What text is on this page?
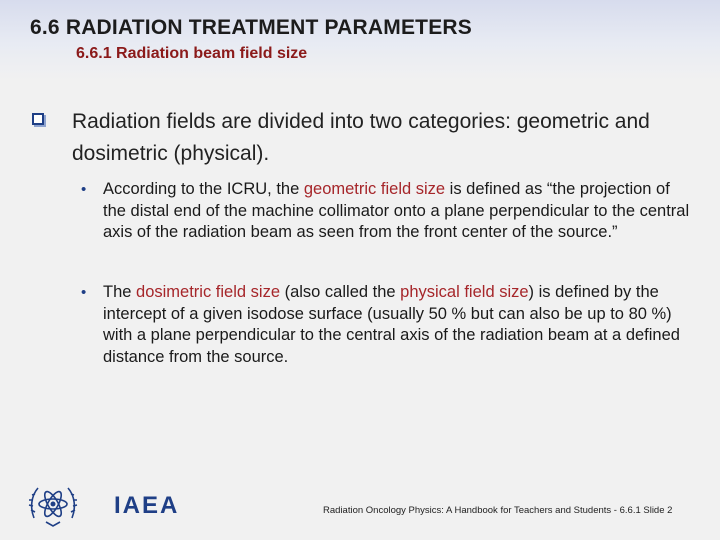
6.6 RADIATION TREATMENT PARAMETERS
6.6.1 Radiation beam field size
Radiation fields are divided into two categories: geometric and dosimetric (physical).
• According to the ICRU, the geometric field size is defined as “the projection of the distal end of the machine collimator onto a plane perpendicular to the central axis of the radiation beam as seen from the front center of the source.”
• The dosimetric field size (also called the physical field size) is defined by the intercept of a given isodose surface (usually 50 % but can also be up to 80 %) with a plane perpendicular to the central axis of the radiation beam at a defined distance from the source.
IAEA	Radiation Oncology Physics: A Handbook for Teachers and Students - 6.6.1 Slide 2
